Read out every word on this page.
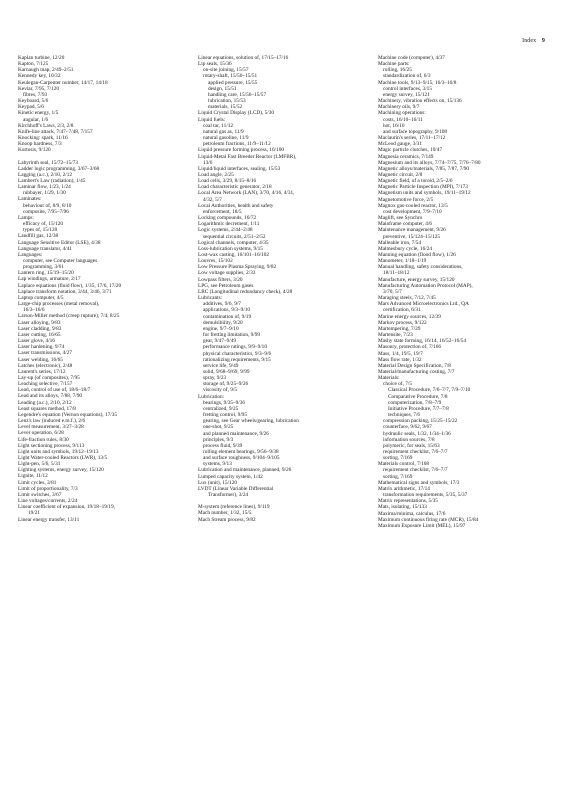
Index 9
Kaplan turbine, 12/20
Kapton, 7/125
Karnaugh map, 2/49–2/51
Kennedy key, 10/32
Keulegan-Carpenter number, 14/17, 14/18
Kevlar, 7/95, 7/120
fibres, 7/93
Keyboard, 5/6
Keypad, 5/6
Kinetic energy, 1/5
angular, 1/6
Kirchhoff's Laws, 2/3, 2/8
Knife-line attack, 7/47–7/48, 7/157
Knocking: spark, 11/16
Knoop hardness, 7/3
Kurtosis, 9/120
Labyrinth seal, 15/72–15/73
Ladder logic programming, 3/67–3/68
Lagging (a.c.), 2/10, 2/12
Lambert's Law (radiation), 1/45
Laminar flow, 1/23, 1/24
rubbayer, 1/29, 1/30
Laminates:
behaviour of, 8/9, 8/10
composite, 7/95–7/96
Lamps:
efficacy of, 15/120
types of, 15/120
Landfill gas, 12/38
Language Sensitive Editor (LSE), 4/38
Language translator, 4/41
Languages:
computer, see Computer languages
programming, 3/61
Lantern ring, 15/19–15/20
Lap windings, armature, 2/17
Laplace equations (fluid flow), 1/35, 17/6, 17/20
Laplace transform notation, 3/44, 3/46, 3/71
Laptop computer, 4/5
Large-chip processes (metal removal),
16/3–16/6
Larson-Miller method (creep rupture), 7/4, 8/25
Laser alloying, 9/83
Laser cladding, 9/83
Laser cutting, 16/65
Laser glove, 4/16
Laser hardening, 9/74
Laser transmissions, 4/27
Laser welding, 16/65
Latches (electronic), 2/48
Laurent's series, 17/12
Lay-up (of composites), 7/95
Leaching selective, 7/157
Lead, control of use of, 18/6–18/7
Lead and its alloys, 7/88, 7/90
Leading (a.c.), 2/10, 2/12
Least squares method, 17/8
Legendre's equation (Vernon equations), 17/35
Lenz's law (induced e.m.f.), 2/6
Level measurement, 3/27–3/28
Lever operation, 6/28
Life-fraction rules, 8/30
Light sectioning process, 9/113
Light units and symbols, 19/12–19/13
Light Water-cooled Reactors (LWR), 13/5
Light-pen, 5/6, 5/31
Lighting systems, energy survey, 15/120
Lignite, 11/12
Limit cycles, 3/81
Limit of proportionality, 7/3
Limit switches, 3/67
Line voltages/currents, 2/24
Linear coefficient of expansion, 19/18–19/19,
19/21
Linear energy transfer, 13/11
Linear equations, solution of, 17/15–17/16
Lip seals, 15/36
on-site joining, 15/57
rotary-shaft, 15/50–15/51
applied pressure, 15/55
design, 15/51
handling care, 15/56–15/57
lubrication, 15/53
materials, 15/52
Liquid Crystal Display (LCD), 5/30
Liquid fuels:
coal tar, 11/12
natural gas as, 11/9
natural gasoline, 11/9
petroleum fractions, 11/9–11/12
Liquid pressure forming process, 16/100
Liquid-Metal Fast Breeder Reactor (LMFBR),
13/6
Liquid/liquid interfaces, sealing, 15/53
Load angle, 2/25
Load cells, 3/29, 8/15–8/16
Load characteristic generator, 2/18
Local Area Network (LAN), 3/70, 4/16, 4/31,
4/32, 5/7
Local Authorities, health and safety
enforcement, 18/5
Locking compounds, 16/72
Logarithmic decrement, 1/11
Logic systems, 2/44–2/48
sequential circuits, 2/51–2/52
Logical channels, computer, 4/35
Loss-lubrication systems, 9/15
Lost-wax casting, 16/101–16/102
Louvres, 15/102
Low Pressure Plasma Spraying, 9/82
Low voltage supplies, 2/33
Lowpass filters, 3/20
LPG, see Petroleum gases
LRC (Longitudinal redundancy check), 4/28
Lubricants:
additives, 9/6, 9/7
applications, 9/3–9/10
contamination of, 9/19
demulsibility, 9/20
engine, 9/7–9/10
for fretting limitation, 9/99
gear, 9/47–9/49
performance ratings, 9/9–9/10
physical characteristics, 9/3–9/6
rationalizing requirements, 9/15
service life, 9/49
solid, 9/68–9/69, 9/99
spray, 9/23
storage of, 9/25–9/26
viscosity of, 9/5
Lubrication:
bearings, 9/35–9/36
centralized, 9/25
fretting control, 9/95
gearing, see Gear wheels/gearing, lubrication
one-shot, 9/25
and planned maintenance, 9/26
principles, 9/3
process fluid, 9/39
rolling element bearings, 9/56–9/38
and surface roughness, 9/104–9/105
systems, 9/13
Lubrication and maintenance, planned, 9/26
Lumped capacity system, 1/42
Lux (unit), 15/120
LVDT (Linear Variable Differential
Transformer), 3/24
M-system (reference lines), 9/119
Mach number, 1/32, 15/5
Mach Stream process, 9/82
Machine code (computer), 4/37
Machine parts:
rolling, 16/25
standardization of, 6/3
Machine tools, 9/13–9/15, 16/3–16/8
control interfaces, 3/15
energy survey, 15/121
Machinery, vibration effects on, 15/136
Machinery oils, 9/7
Machining operations:
costs, 16/10–16/11
hot, 16/10
and surface topography, 9/108
Maclaurin's series, 17/11–17/12
McLeod gauge, 3/31
Magic particle clutches, 10/47
Magnesia ceramics, 7/149
Magnesium and its alloys, 7/74–7/75, 7/76–7/80
Magnetic alloys/materials, 7/85, 7/87, 7/90
Magnetic circuit, 2/8
Magnetic field, of a toroid, 2/5–2/6
Magnetic Particle Inspection (MPI), 7/173
Magnetism units and symbols, 19/11–19/12
Magnetomotive force, 2/5
Magnox gas-cooled reactor, 13/5
cost development, 7/9–7/10
Maglift, see Synchro
Mainframe computer, 4/6
Maintenance management, 9/26
preventive, 15/124–15/125
Malleable iron, 7/54
Malmesbury cycle, 16/24
Manning equation (flood flow), 1/26
Manometer, 1/18–1/19
Manual handling, safety considerations,
18/11–18/12
Manufacture, energy survey, 15/120
Manufacturing Automation Protocol (MAP),
3/70, 5/7
Maraging steels, 7/12, 7/45
Mars Advanced Microelectronics Ltd., QA
certification, 6/31
Marine energy sources, 12/39
Markov process, 9/122
Martempering, 7/29
Martensite, 7/23
Mashy state forming, 16/14, 16/52–16/54
Masonry, protection of, 7/166
Mass, 1/4, 19/5, 19/7
Mass flow rate, 1/32
Material Design Specification, 7/8
Material/manufacturing costing, 7/7
Materials:
choice of, 7/5
Classical Procedure, 7/6–7/7, 7/9–7/10
Comparative Procedure, 7/8
computerization, 7/8–7/9
Initiative Procedure, 7/7–7/8
techniques, 7/6
compression packing, 15/25–15/22
counterface, 9/62, 9/67
hydraulic seals, 1/32, 1/34–1/36
information sources, 7/8
polymeric, for seals, 15/63
requirement checklist, 7/6–7/7
sorting, 7/169
Materials control, 7/168
requirement checklist, 7/6–7/7
sorting, 7/169
Mathematical signs and symbols, 17/3
Matrix arithmetic, 17/14
transformation requirements, 5/35, 5/37
Matrix representations, 5/35
Mats, isolating, 15/133
Maxima/minima, calculus, 17/6
Maximum continuous firing rate (MCR), 15/84
Maximum Exposure Limit (MEL), 15/97
